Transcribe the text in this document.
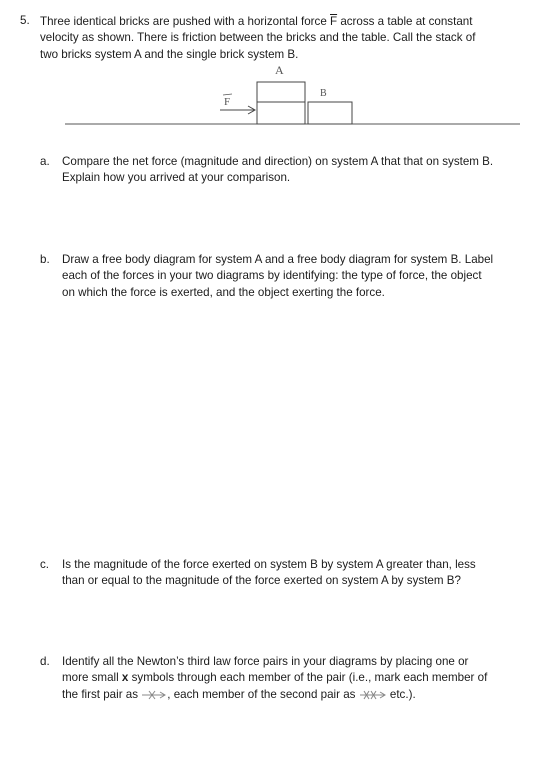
5. Three identical bricks are pushed with a horizontal force $\overline{F}$ across a table at constant
velocity as shown. There is friction between the bricks and the table. Call the stack of
two bricks system A and the single brick system B.
F
A
B
a. Compare the net force (magnitude and direction) on system A that that on system B.
Explain how you arrived at your comparison.
b. Draw a free body diagram for system A and a free body diagram for system B. Label
each of the forces in your two diagrams by identifying: the type of force, the object
on which the force is exerted, and the object exerting the force.
c. Is the magnitude of the force exerted on system B by system A greater than, less
than or equal to the magnitude of the force exerted on system A by system B?
d. Identify all the Newton’s third law force pairs in your diagrams by placing one or
more small x symbols through each member of the pair (i.e., mark each member of
the first pair as , each member of the second pair as  etc.).
